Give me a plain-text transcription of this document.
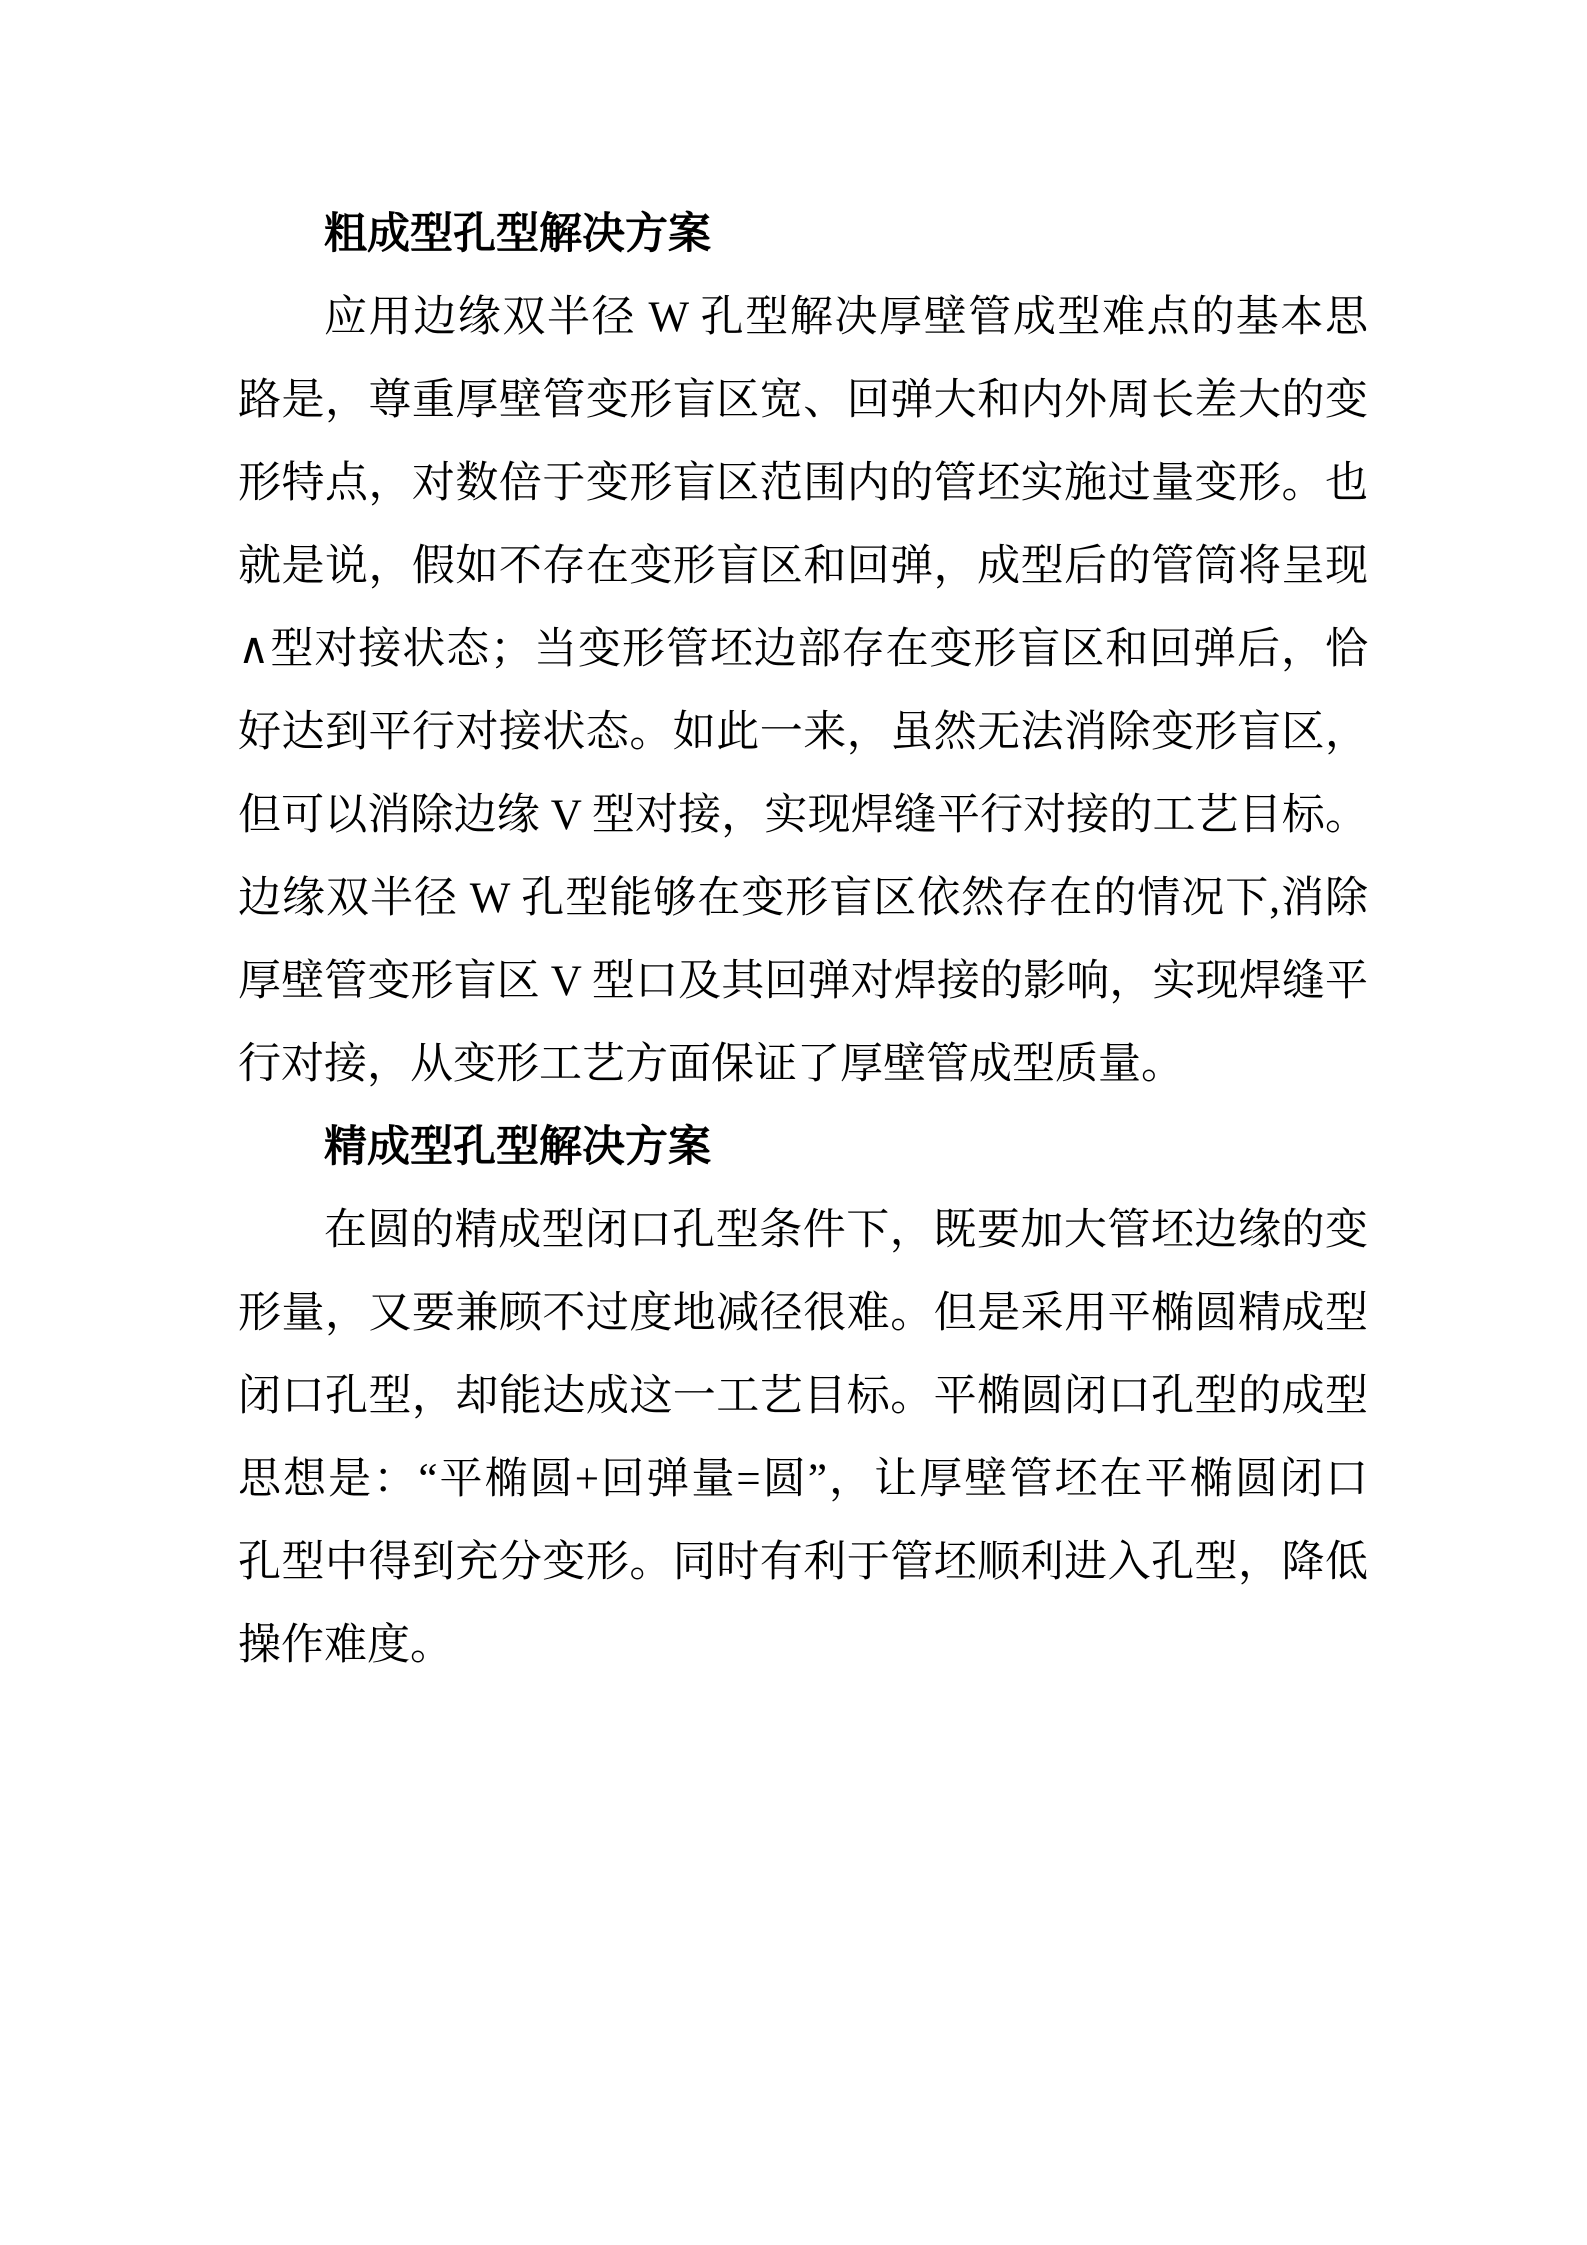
粗成型孔型解决方案
应用边缘双半径 W 孔型解决厚壁管成型难点的基本思
路是，尊重厚壁管变形盲区宽、回弹大和内外周长差大的变
形特点，对数倍于变形盲区范围内的管坯实施过量变形。也
就是说，假如不存在变形盲区和回弹，成型后的管筒将呈现
∧型对接状态；当变形管坯边部存在变形盲区和回弹后，恰
好达到平行对接状态。如此一来，虽然无法消除变形盲区，
但可以消除边缘 V 型对接，实现焊缝平行对接的工艺目标。
边缘双半径 W 孔型能够在变形盲区依然存在的情况下,消除
厚壁管变形盲区 V 型口及其回弹对焊接的影响，实现焊缝平
行对接，从变形工艺方面保证了厚壁管成型质量。
精成型孔型解决方案
在圆的精成型闭口孔型条件下，既要加大管坯边缘的变
形量，又要兼顾不过度地减径很难。但是采用平椭圆精成型
闭口孔型，却能达成这一工艺目标。平椭圆闭口孔型的成型
思想是：“平椭圆+回弹量=圆”，让厚壁管坯在平椭圆闭口
孔型中得到充分变形。同时有利于管坯顺利进入孔型，降低
操作难度。
